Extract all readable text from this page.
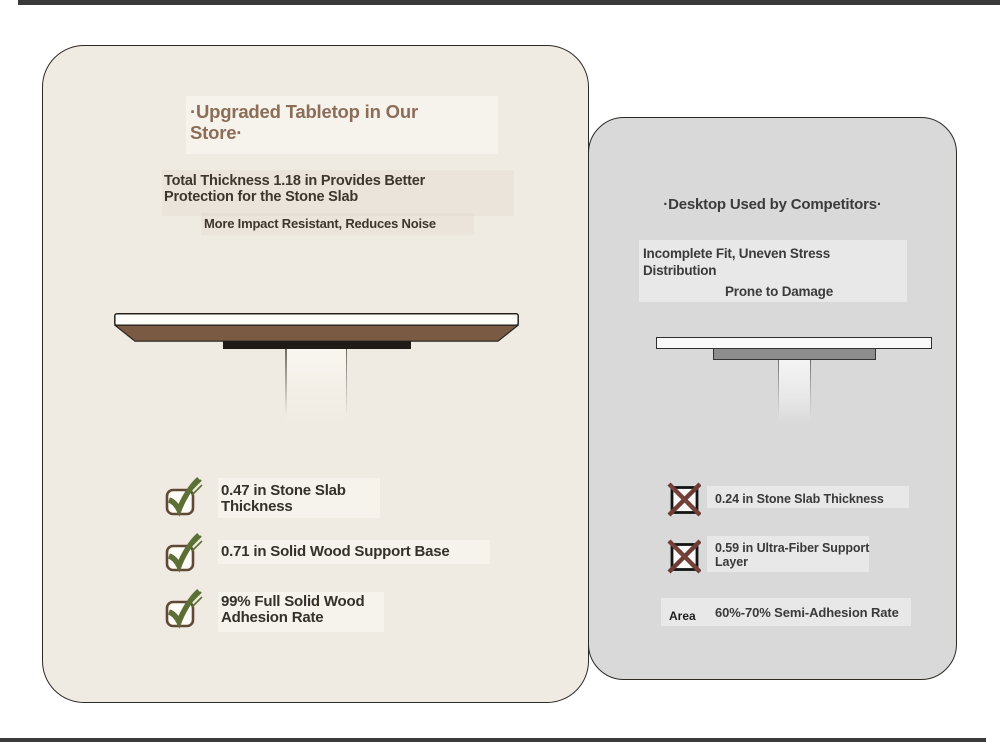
·Desktop Used by Competitors·
Incomplete Fit, Uneven Stress
Distribution
Prone to Damage
0.24 in Stone Slab Thickness
0.59 in Ultra-Fiber Support
Layer
Area 60%-70% Semi-Adhesion Rate
·Upgraded Tabletop in Our
Store·
Total Thickness 1.18 in Provides Better
Protection for the Stone Slab
More Impact Resistant, Reduces Noise
0.47 in Stone Slab
Thickness
0.71 in Solid Wood Support Base
99% Full Solid Wood
Adhesion Rate
